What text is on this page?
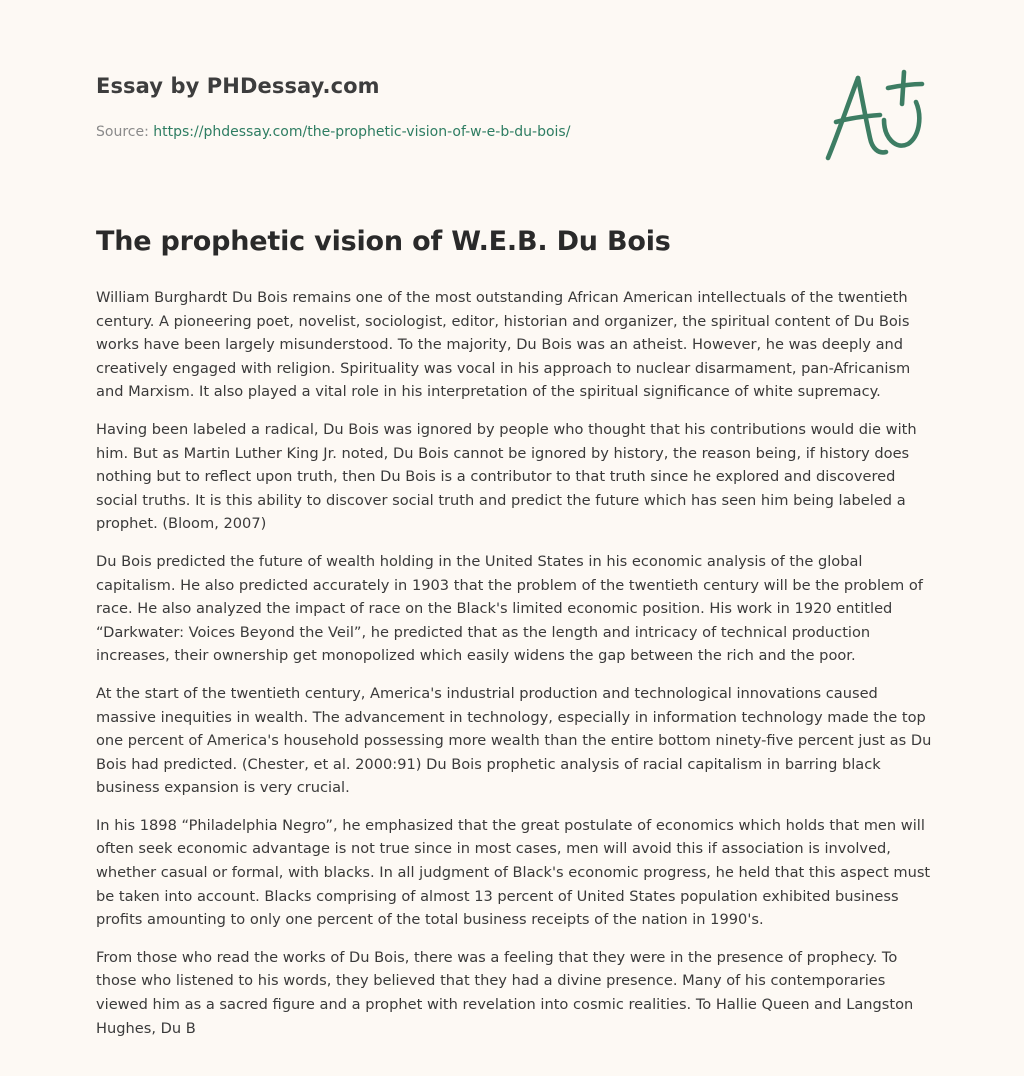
Essay by PHDessay.com

Source: https://phdessay.com/the-prophetic-vision-of-w-e-b-du-bois/
The prophetic vision of W.E.B. Du Bois

William Burghardt Du Bois remains one of the most outstanding African American intellectuals of the twentieth century. A pioneering poet, novelist, sociologist, editor, historian and organizer, the spiritual content of Du Bois works have been largely misunderstood. To the majority, Du Bois was an atheist. However, he was deeply and creatively engaged with religion. Spirituality was vocal in his approach to nuclear disarmament, pan-Africanism and Marxism. It also played a vital role in his interpretation of the spiritual significance of white supremacy.

Having been labeled a radical, Du Bois was ignored by people who thought that his contributions would die with him. But as Martin Luther King Jr. noted, Du Bois cannot be ignored by history, the reason being, if history does nothing but to reflect upon truth, then Du Bois is a contributor to that truth since he explored and discovered social truths. It is this ability to discover social truth and predict the future which has seen him being labeled a prophet. (Bloom, 2007)

Du Bois predicted the future of wealth holding in the United States in his economic analysis of the global capitalism. He also predicted accurately in 1903 that the problem of the twentieth century will be the problem of race. He also analyzed the impact of race on the Black's limited economic position. His work in 1920 entitled “Darkwater: Voices Beyond the Veil”, he predicted that as the length and intricacy of technical production increases, their ownership get monopolized which easily widens the gap between the rich and the poor.

At the start of the twentieth century, America's industrial production and technological innovations caused massive inequities in wealth. The advancement in technology, especially in information technology made the top one percent of America's household possessing more wealth than the entire bottom ninety-five percent just as Du Bois had predicted. (Chester, et al. 2000:91) Du Bois prophetic analysis of racial capitalism in barring black business expansion is very crucial.

In his 1898 “Philadelphia Negro”, he emphasized that the great postulate of economics which holds that men will often seek economic advantage is not true since in most cases, men will avoid this if association is involved, whether casual or formal, with blacks. In all judgment of Black's economic progress, he held that this aspect must be taken into account. Blacks comprising of almost 13 percent of United States population exhibited business profits amounting to only one percent of the total business receipts of the nation in 1990's.

From those who read the works of Du Bois, there was a feeling that they were in the presence of prophecy. To those who listened to his words, they believed that they had a divine presence. Many of his contemporaries viewed him as a sacred figure and a prophet with revelation into cosmic realities. To Hallie Queen and Langston Hughes, Du B
